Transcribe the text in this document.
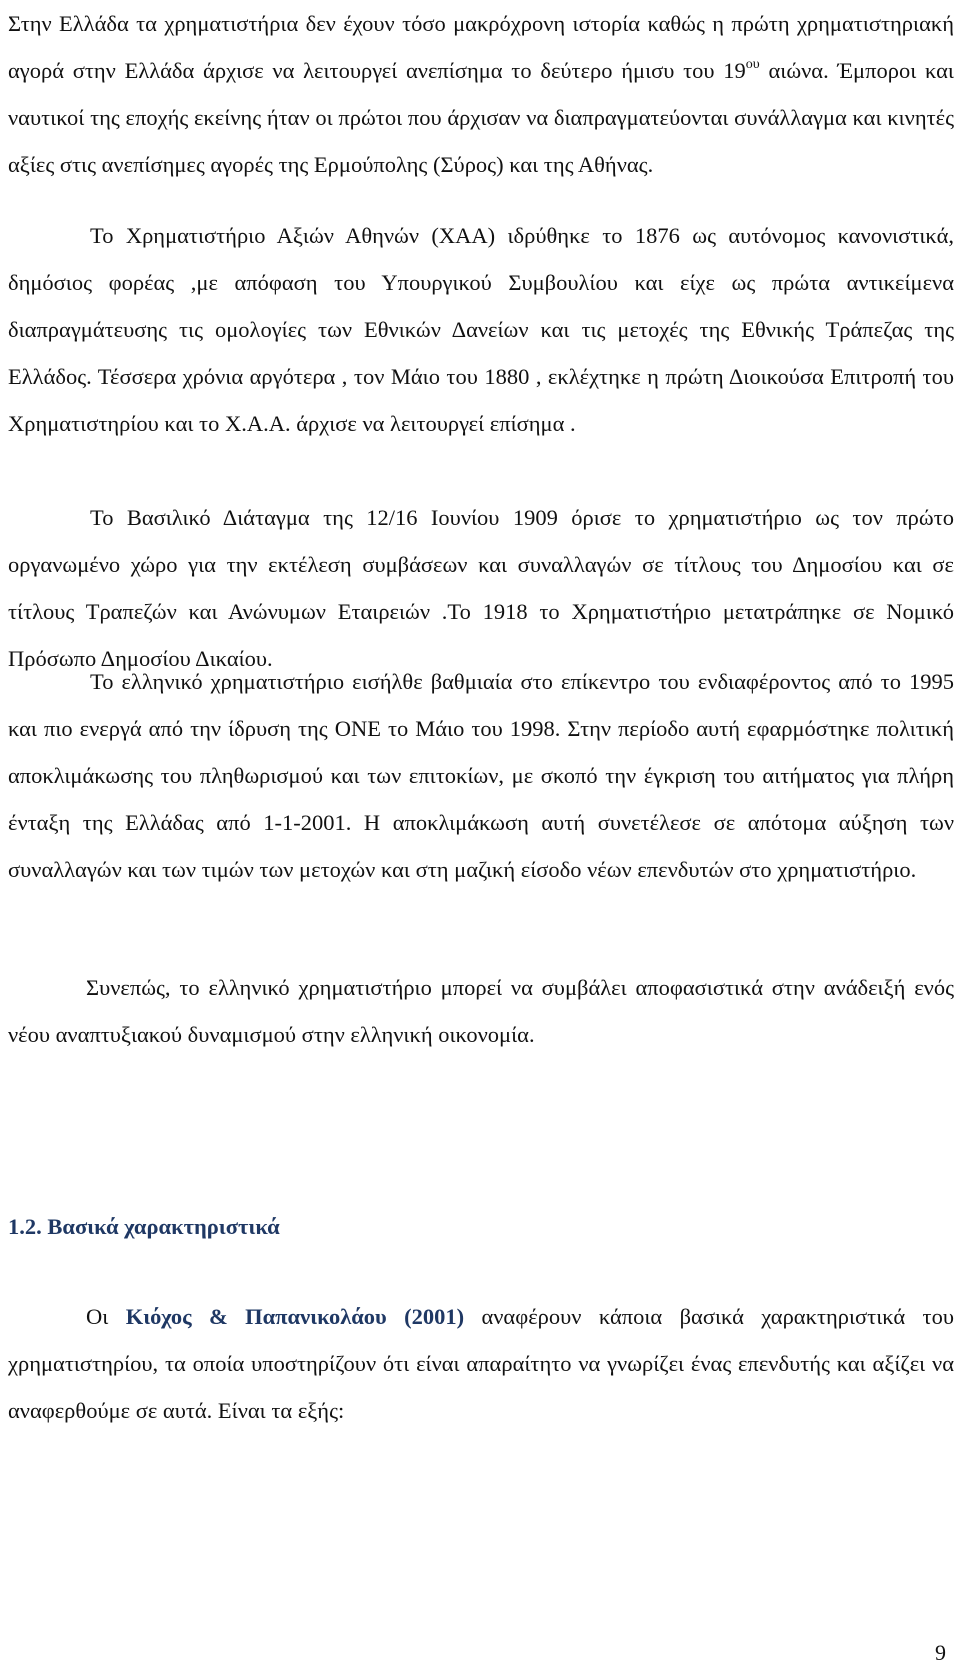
Στην Ελλάδα τα χρηματιστήρια δεν έχουν τόσο μακρόχρονη ιστορία καθώς η πρώτη χρηματιστηριακή αγορά στην Ελλάδα άρχισε να λειτουργεί ανεπίσημα το δεύτερο ήμισυ του $19^{o\upsilon}$ αιώνα. Έμποροι και ναυτικοί της εποχής εκείνης ήταν οι πρώτοι που άρχισαν να διαπραγματεύονται συνάλλαγμα και κινητές αξίες στις ανεπίσημες αγορές της Ερμούπολης (Σύρος) και της Αθήνας.

Το Χρηματιστήριο Αξιών Αθηνών (ΧΑΑ) ιδρύθηκε το 1876 ως αυτόνομος κανονιστικά, δημόσιος φορέας ,με απόφαση του Υπουργικού Συμβουλίου και είχε ως πρώτα αντικείμενα διαπραγμάτευσης τις ομολογίες των Εθνικών Δανείων και τις μετοχές της Εθνικής Τράπεζας της Ελλάδος. Τέσσερα χρόνια αργότερα , τον Μάιο του 1880 , εκλέχτηκε η πρώτη Διοικούσα Επιτροπή του Χρηματιστηρίου και το Χ.Α.Α. άρχισε να λειτουργεί επίσημα .

Το Βασιλικό Διάταγμα της 12/16 Ιουνίου 1909 όρισε το χρηματιστήριο ως τον πρώτο οργανωμένο χώρο για την εκτέλεση συμβάσεων και συναλλαγών σε τίτλους του Δημοσίου και σε τίτλους Τραπεζών και Ανώνυμων Εταιρειών .Το 1918 το Χρηματιστήριο μετατράπηκε σε Νομικό Πρόσωπο Δημοσίου Δικαίου.

Το ελληνικό χρηματιστήριο εισήλθε βαθμιαία στο επίκεντρο του ενδιαφέροντος από το 1995 και πιο ενεργά από την ίδρυση της ΟΝΕ το Μάιο του 1998. Στην περίοδο αυτή εφαρμόστηκε πολιτική αποκλιμάκωσης του πληθωρισμού και των επιτοκίων, με σκοπό την έγκριση του αιτήματος για πλήρη ένταξη της Ελλάδας από 1-1-2001. Η αποκλιμάκωση αυτή συνετέλεσε σε απότομα αύξηση των συναλλαγών και των τιμών των μετοχών και στη μαζική είσοδο νέων επενδυτών στο χρηματιστήριο.

Συνεπώς, το ελληνικό χρηματιστήριο μπορεί να συμβάλει αποφασιστικά στην ανάδειξή ενός νέου αναπτυξιακού δυναμισμού στην ελληνική οικονομία.

1.2. Βασικά χαρακτηριστικά

Οι Κιόχος & Παπανικολάου (2001) αναφέρουν κάποια βασικά χαρακτηριστικά του χρηματιστηρίου, τα οποία υποστηρίζουν ότι είναι απαραίτητο να γνωρίζει ένας επενδυτής και αξίζει να αναφερθούμε σε αυτά. Είναι τα εξής:

9
